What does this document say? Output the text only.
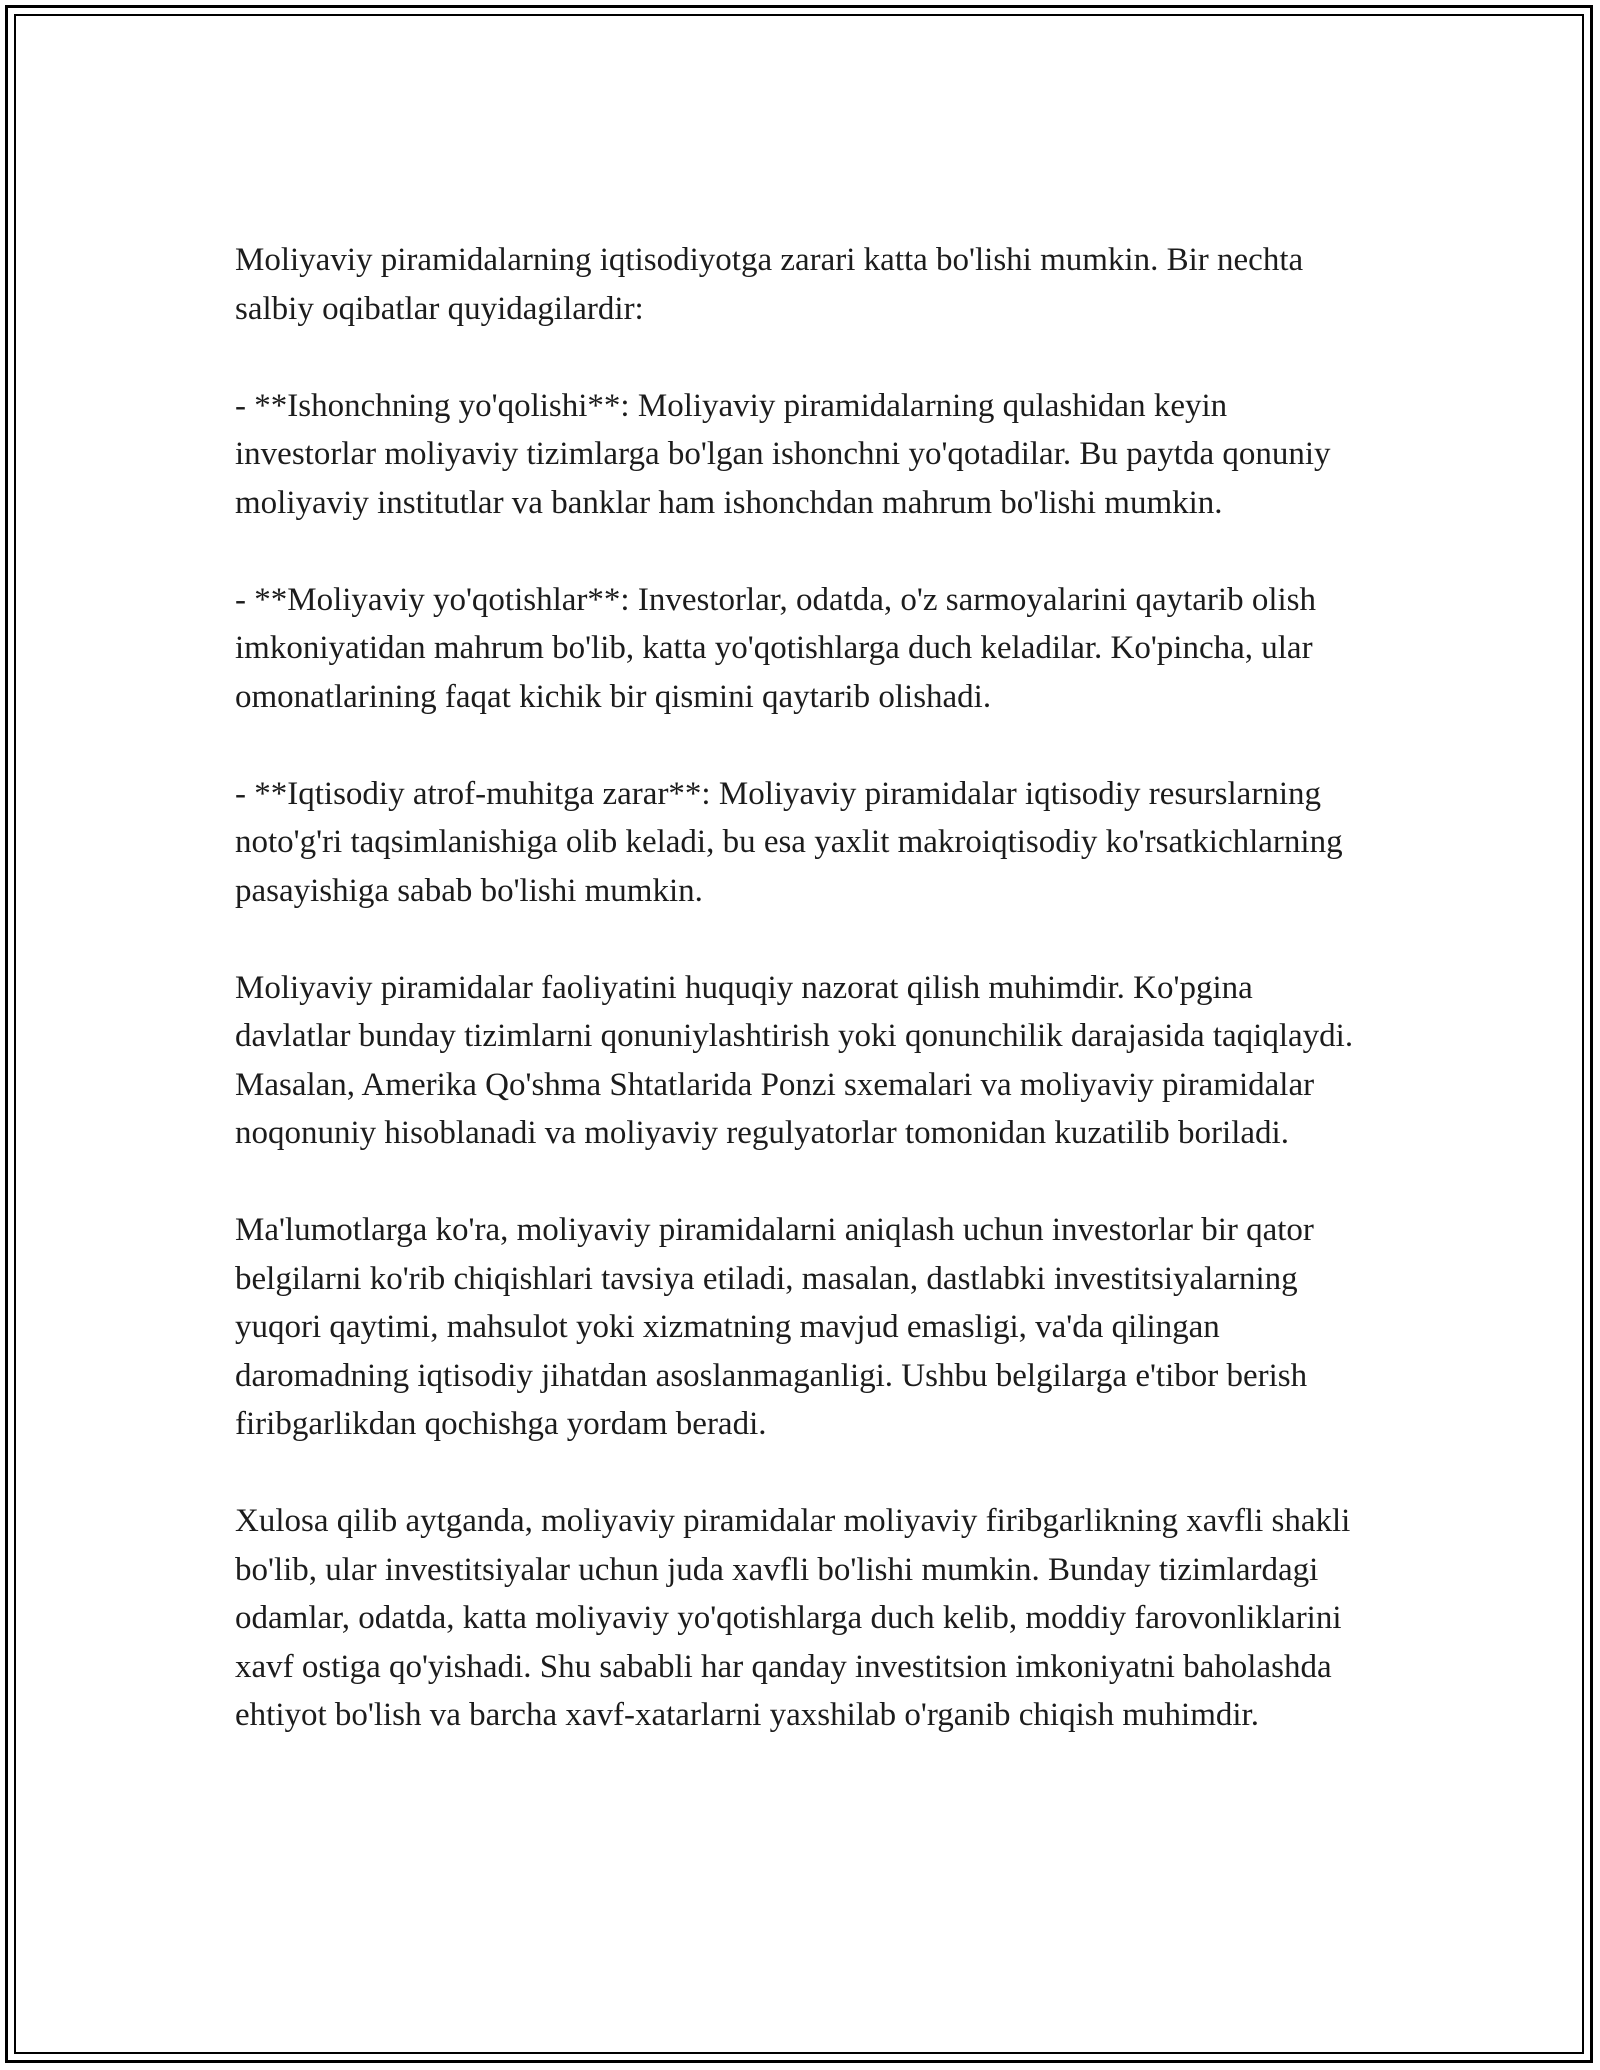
Moliyaviy piramidalarning iqtisodiyotga zarari katta bo'lishi mumkin. Bir nechta salbiy oqibatlar quyidagilardir:

- **Ishonchning yo'qolishi**: Moliyaviy piramidalarning qulashidan keyin investorlar moliyaviy tizimlarga bo'lgan ishonchni yo'qotadilar. Bu paytda qonuniy moliyaviy institutlar va banklar ham ishonchdan mahrum bo'lishi mumkin.

- **Moliyaviy yo'qotishlar**: Investorlar, odatda, o'z sarmoyalarini qaytarib olish imkoniyatidan mahrum bo'lib, katta yo'qotishlarga duch keladilar. Ko'pincha, ular omonatlarining faqat kichik bir qismini qaytarib olishadi.

- **Iqtisodiy atrof-muhitga zarar**: Moliyaviy piramidalar iqtisodiy resurslarning noto'g'ri taqsimlanishiga olib keladi, bu esa yaxlit makroiqtisodiy ko'rsatkichlarning pasayishiga sabab bo'lishi mumkin.

Moliyaviy piramidalar faoliyatini huquqiy nazorat qilish muhimdir. Ko'pgina davlatlar bunday tizimlarni qonuniylashtirish yoki qonunchilik darajasida taqiqlaydi. Masalan, Amerika Qo'shma Shtatlarida Ponzi sxemalari va moliyaviy piramidalar noqonuniy hisoblanadi va moliyaviy regulyatorlar tomonidan kuzatilib boriladi.

Ma'lumotlarga ko'ra, moliyaviy piramidalarni aniqlash uchun investorlar bir qator belgilarni ko'rib chiqishlari tavsiya etiladi, masalan, dastlabki investitsiyalarning yuqori qaytimi, mahsulot yoki xizmatning mavjud emasligi, va'da qilingan daromadning iqtisodiy jihatdan asoslanmaganligi. Ushbu belgilarga e'tibor berish firibgarlikdan qochishga yordam beradi.

Xulosa qilib aytganda, moliyaviy piramidalar moliyaviy firibgarlikning xavfli shakli bo'lib, ular investitsiyalar uchun juda xavfli bo'lishi mumkin. Bunday tizimlardagi odamlar, odatda, katta moliyaviy yo'qotishlarga duch kelib, moddiy farovonliklarini xavf ostiga qo'yishadi. Shu sababli har qanday investitsion imkoniyatni baholashda ehtiyot bo'lish va barcha xavf-xatarlarni yaxshilab o'rganib chiqish muhimdir.
